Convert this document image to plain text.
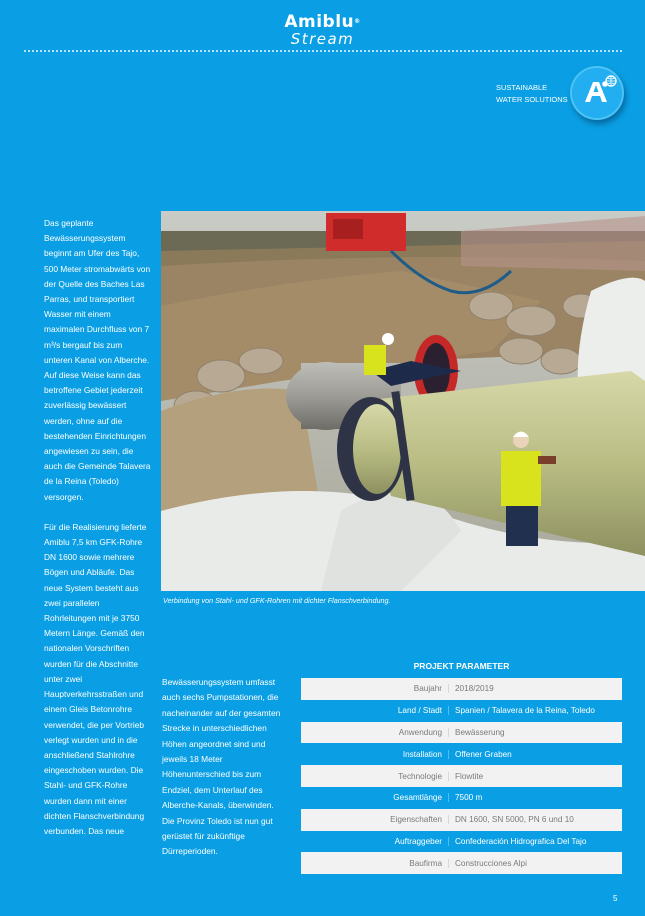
Amiblu®
Stream
SUSTAINABLE
WATER SOLUTIONS

Das geplante Bewässerungssystem beginnt am Ufer des Tajo, 500 Meter stromabwärts von der Quelle des Baches Las Parras, und transportiert Wasser mit einem maximalen Durchfluss von 7 m³/s bergauf bis zum unteren Kanal von Alberche. Auf diese Weise kann das betroffene Gebiet jederzeit zuverlässig bewässert werden, ohne auf die bestehenden Einrichtungen angewiesen zu sein, die auch die Gemeinde Talavera de la Reina (Toledo) versorgen.

Für die Realisierung lieferte Amiblu 7,5 km GFK-Rohre DN 1600 sowie mehrere Bögen und Abläufe. Das neue System besteht aus zwei parallelen Rohrleitungen mit je 3750 Metern Länge. Gemäß den nationalen Vorschriften wurden für die Abschnitte unter zwei Hauptverkehrsstraßen und einem Gleis Betonrohre verwendet, die per Vortrieb verlegt wurden und in die anschließend Stahlrohre eingeschoben wurden. Die Stahl- und GFK-Rohre wurden dann mit einer dichten Flanschverbindung verbunden. Das neue

Verbindung von Stahl- und GFK-Rohren mit dichter Flanschverbindung.
Bewässerungssystem umfasst auch sechs Pumpstationen, die nacheinander auf der gesamten Strecke in unterschiedlichen Höhen angeordnet sind und jeweils 18 Meter Höhenunterschied bis zum Endziel, dem Unterlauf des Alberche-Kanals, überwinden. Die Provinz Toledo ist nun gut gerüstet für zukünftige Dürreperioden.
PROJEKT PARAMETER
Baujahr	2018/2019
Land / Stadt	Spanien / Talavera de la Reina, Toledo
Anwendung	Bewässerung
Installation	Offener Graben
Technologie	Flowtite
Gesamtlänge	7500 m
Eigenschaften	DN 1600, SN 5000, PN 6 und 10
Auftraggeber	Confederación Hidrografica Del Tajo
Baufirma	Construcciones Alpi
5
